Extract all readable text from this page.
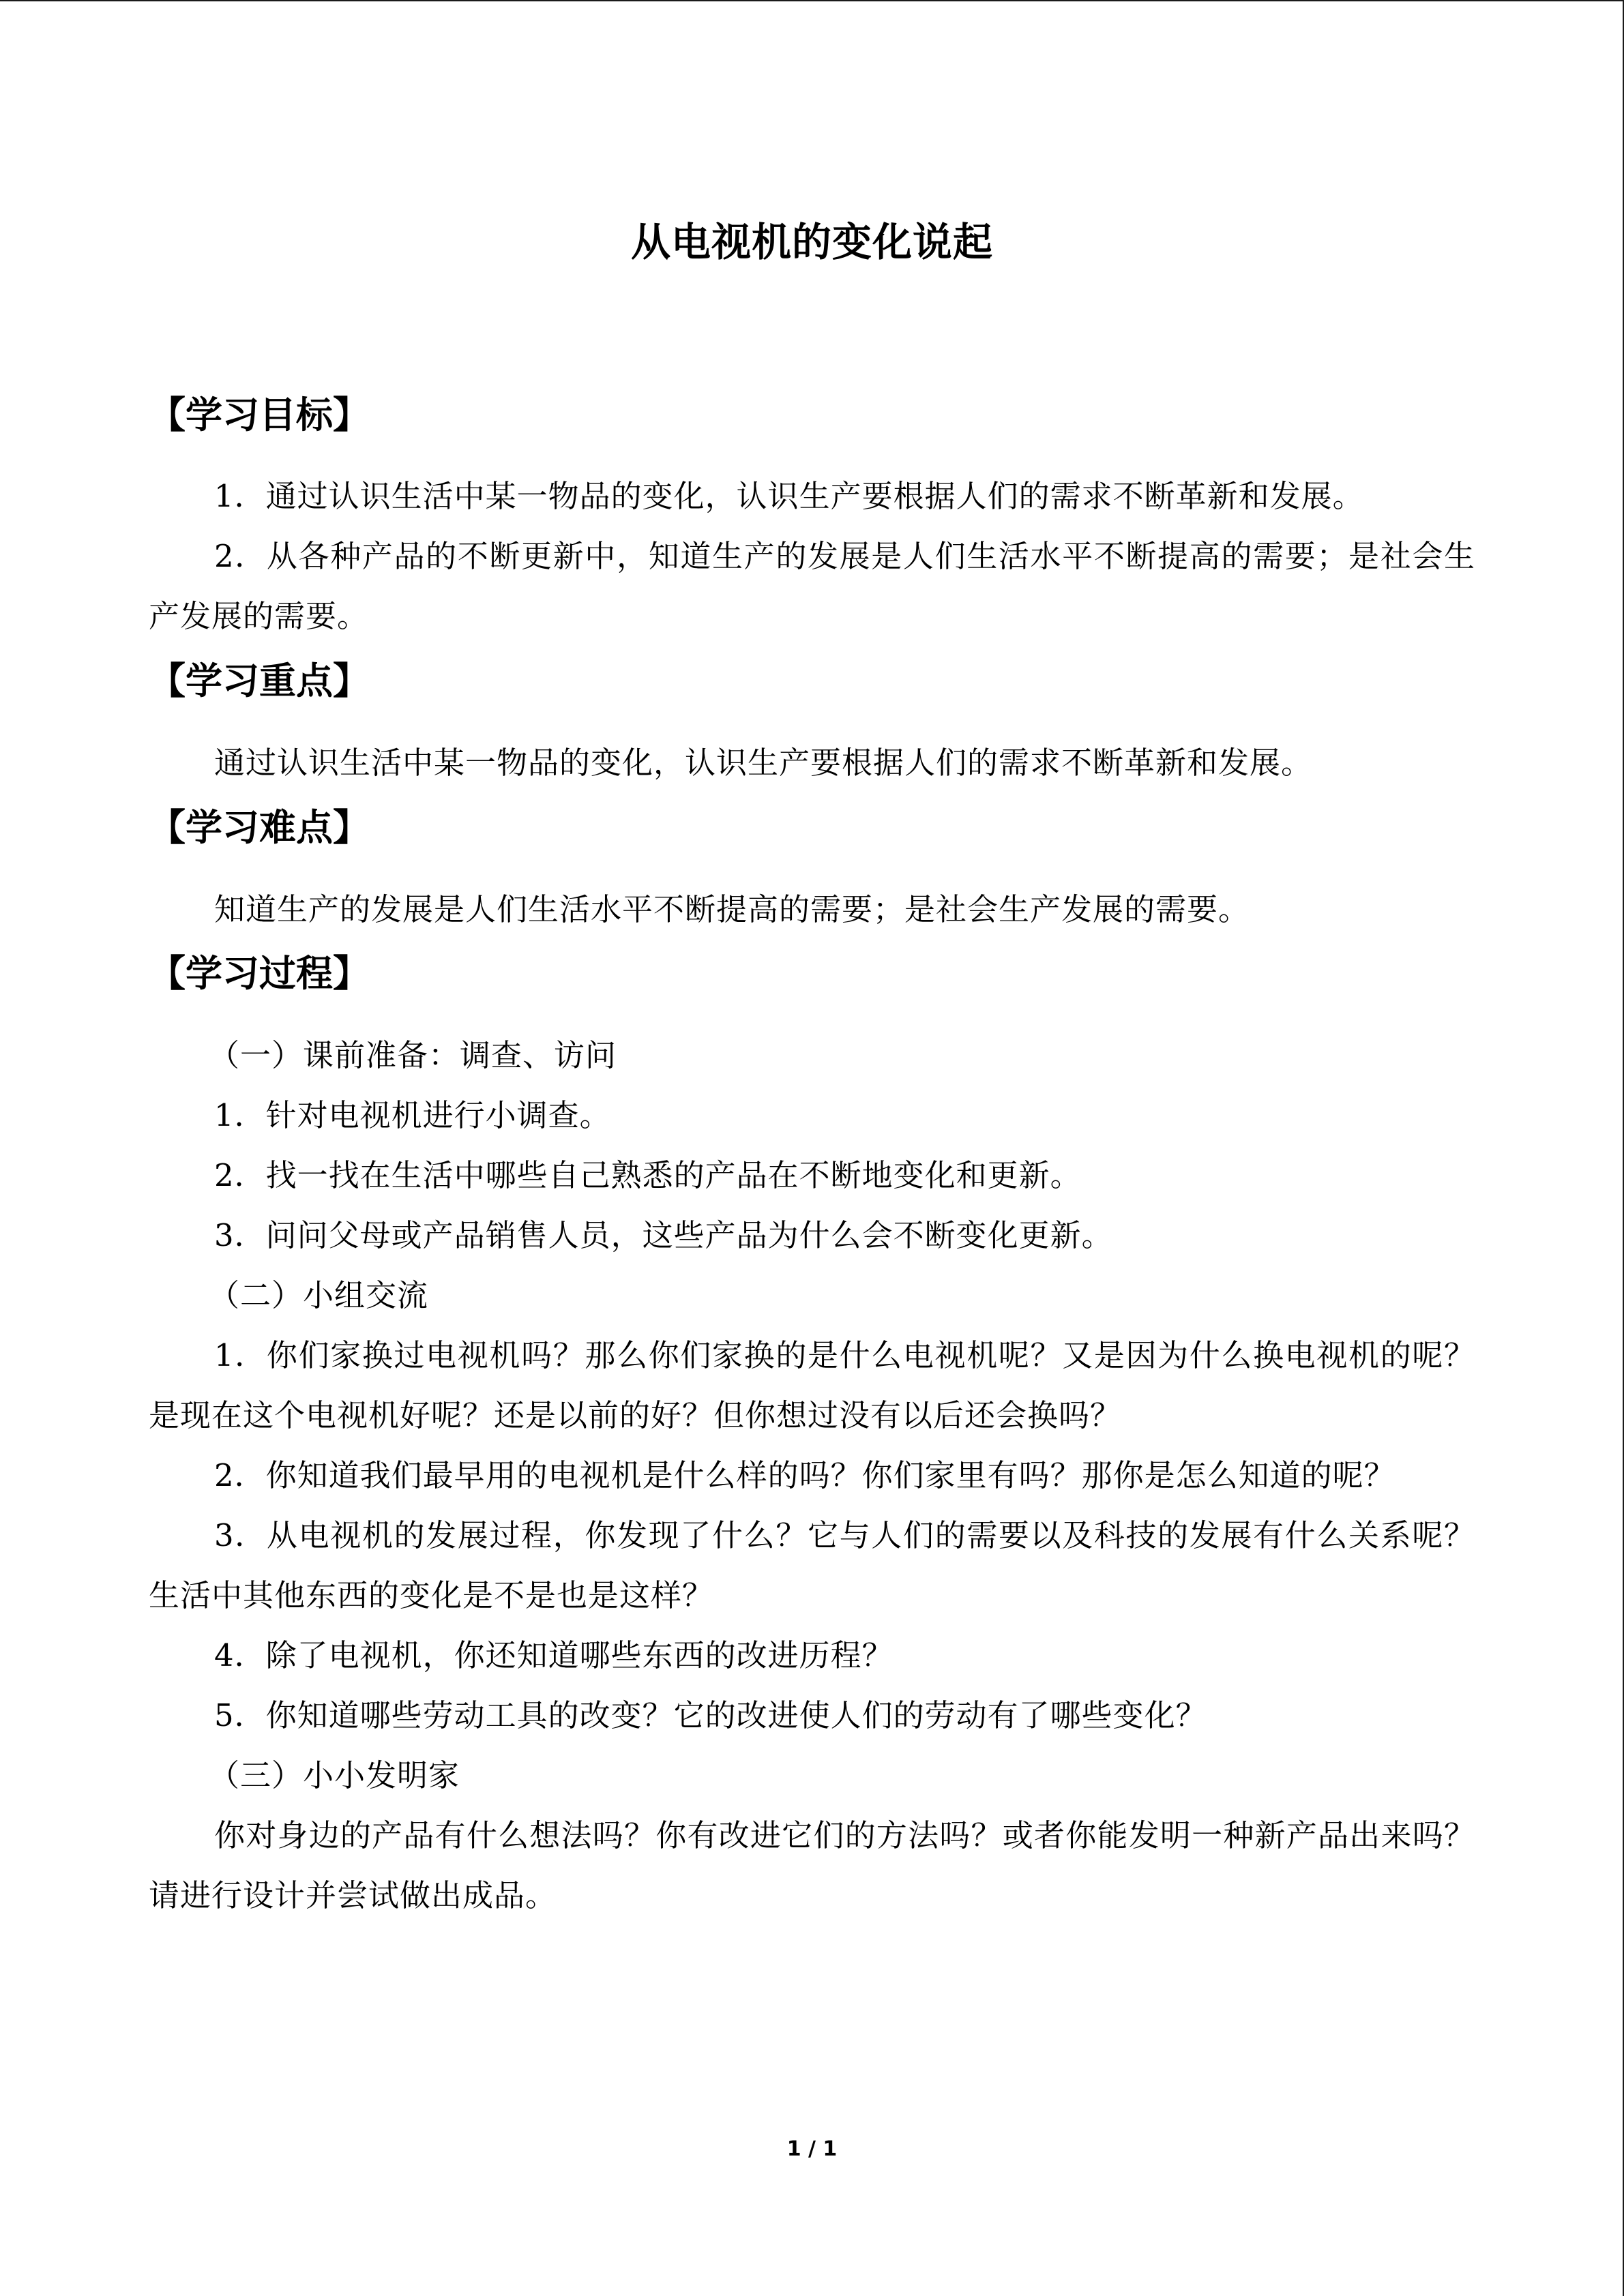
从电视机的变化说起
【学习目标】
1．通过认识生活中某一物品的变化，认识生产要根据人们的需求不断革新和发展。
2．从各种产品的不断更新中，知道生产的发展是人们生活水平不断提高的需要；是社会生产发展的需要。
【学习重点】
通过认识生活中某一物品的变化，认识生产要根据人们的需求不断革新和发展。
【学习难点】
知道生产的发展是人们生活水平不断提高的需要；是社会生产发展的需要。
【学习过程】
（一）课前准备：调查、访问
1．针对电视机进行小调查。
2．找一找在生活中哪些自己熟悉的产品在不断地变化和更新。
3．问问父母或产品销售人员，这些产品为什么会不断变化更新。
（二）小组交流
1．你们家换过电视机吗？那么你们家换的是什么电视机呢？又是因为什么换电视机的呢？是现在这个电视机好呢？还是以前的好？但你想过没有以后还会换吗？
2．你知道我们最早用的电视机是什么样的吗？你们家里有吗？那你是怎么知道的呢？
3．从电视机的发展过程，你发现了什么？它与人们的需要以及科技的发展有什么关系呢？生活中其他东西的变化是不是也是这样？
4．除了电视机，你还知道哪些东西的改进历程？
5．你知道哪些劳动工具的改变？它的改进使人们的劳动有了哪些变化？
（三）小小发明家
你对身边的产品有什么想法吗？你有改进它们的方法吗？或者你能发明一种新产品出来吗？请进行设计并尝试做出成品。
1 / 1
